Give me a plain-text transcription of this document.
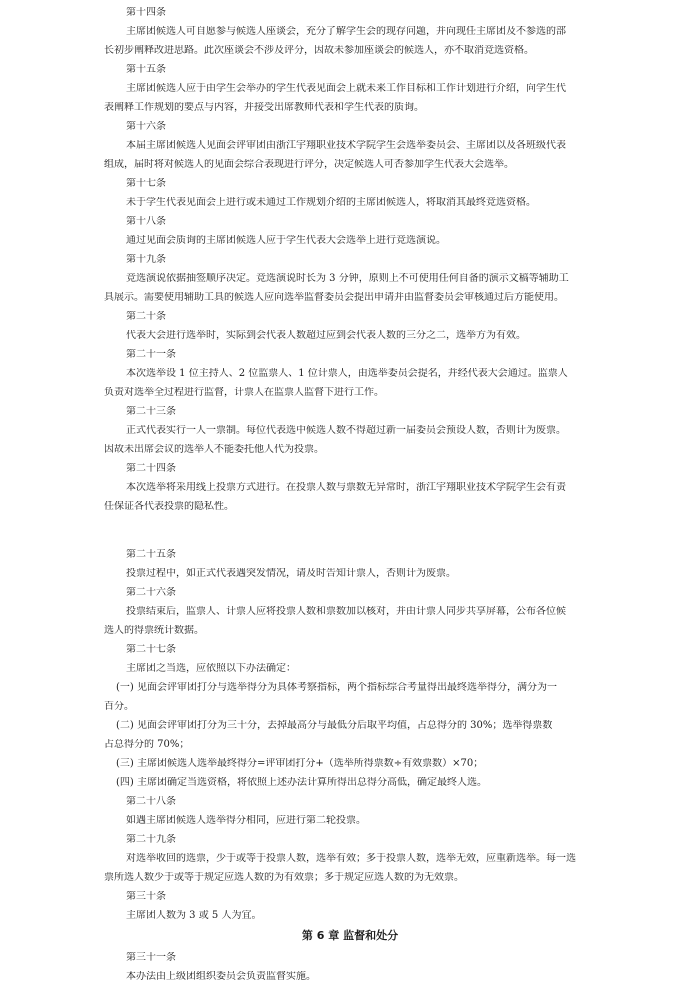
第十四条
主席团候选人可自愿参与候选人座谈会，充分了解学生会的现存问题，并向现任主席团及不参选的部
长初步阐释改进思路。此次座谈会不涉及评分，因故未参加座谈会的候选人，亦不取消竞选资格。
第十五条
主席团候选人应于由学生会举办的学生代表见面会上就未来工作目标和工作计划进行介绍，向学生代
表阐释工作规划的要点与内容，并接受出席教师代表和学生代表的质询。
第十六条
本届主席团候选人见面会评审团由浙江宇翔职业技术学院学生会选举委员会、主席团以及各班级代表
组成，届时将对候选人的见面会综合表现进行评分，决定候选人可否参加学生代表大会选举。
第十七条
未于学生代表见面会上进行或未通过工作规划介绍的主席团候选人，将取消其最终竞选资格。
第十八条
通过见面会质询的主席团候选人应于学生代表大会选举上进行竞选演说。
第十九条
竞选演说依据抽签顺序决定。竞选演说时长为 3 分钟，原则上不可使用任何自备的演示文稿等辅助工
具展示。需要使用辅助工具的候选人应向选举监督委员会提出申请并由监督委员会审核通过后方能使用。
第二十条
代表大会进行选举时，实际到会代表人数超过应到会代表人数的三分之二，选举方为有效。
第二十一条
本次选举设 1 位主持人、2 位监票人、1 位计票人，由选举委员会提名，并经代表大会通过。监票人
负责对选举全过程进行监督，计票人在监票人监督下进行工作。
第二十三条
正式代表实行一人一票制。每位代表选中候选人数不得超过新一届委员会预设人数，否则计为废票。
因故未出席会议的选举人不能委托他人代为投票。
第二十四条
本次选举将采用线上投票方式进行。在投票人数与票数无异常时，浙江宇翔职业技术学院学生会有责
任保证各代表投票的隐私性。
第二十五条
投票过程中，如正式代表遇突发情况，请及时告知计票人，否则计为废票。
第二十六条
投票结束后，监票人、计票人应将投票人数和票数加以核对，并由计票人同步共享屏幕，公布各位候
选人的得票统计数据。
第二十七条
主席团之当选，应依照以下办法确定：
(一) 见面会评审团打分与选举得分为具体考察指标，两个指标综合考量得出最终选举得分，满分为一
百分。
(二) 见面会评审团打分为三十分，去掉最高分与最低分后取平均值，占总得分的 30%；选举得票数
占总得分的 70%；
(三) 主席团候选人选举最终得分=评审团打分+（选举所得票数÷有效票数）×70；
(四) 主席团确定当选资格，将依照上述办法计算所得出总得分高低，确定最终人选。
第二十八条
如遇主席团候选人选举得分相同，应进行第二轮投票。
第二十九条
对选举收回的选票，少于或等于投票人数，选举有效；多于投票人数，选举无效，应重新选举。每一选
票所选人数少于或等于规定应选人数的为有效票；多于规定应选人数的为无效票。
第三十条
主席团人数为 3 或 5 人为宜。
第 6 章 监督和处分
第三十一条
本办法由上级团组织委员会负责监督实施。
